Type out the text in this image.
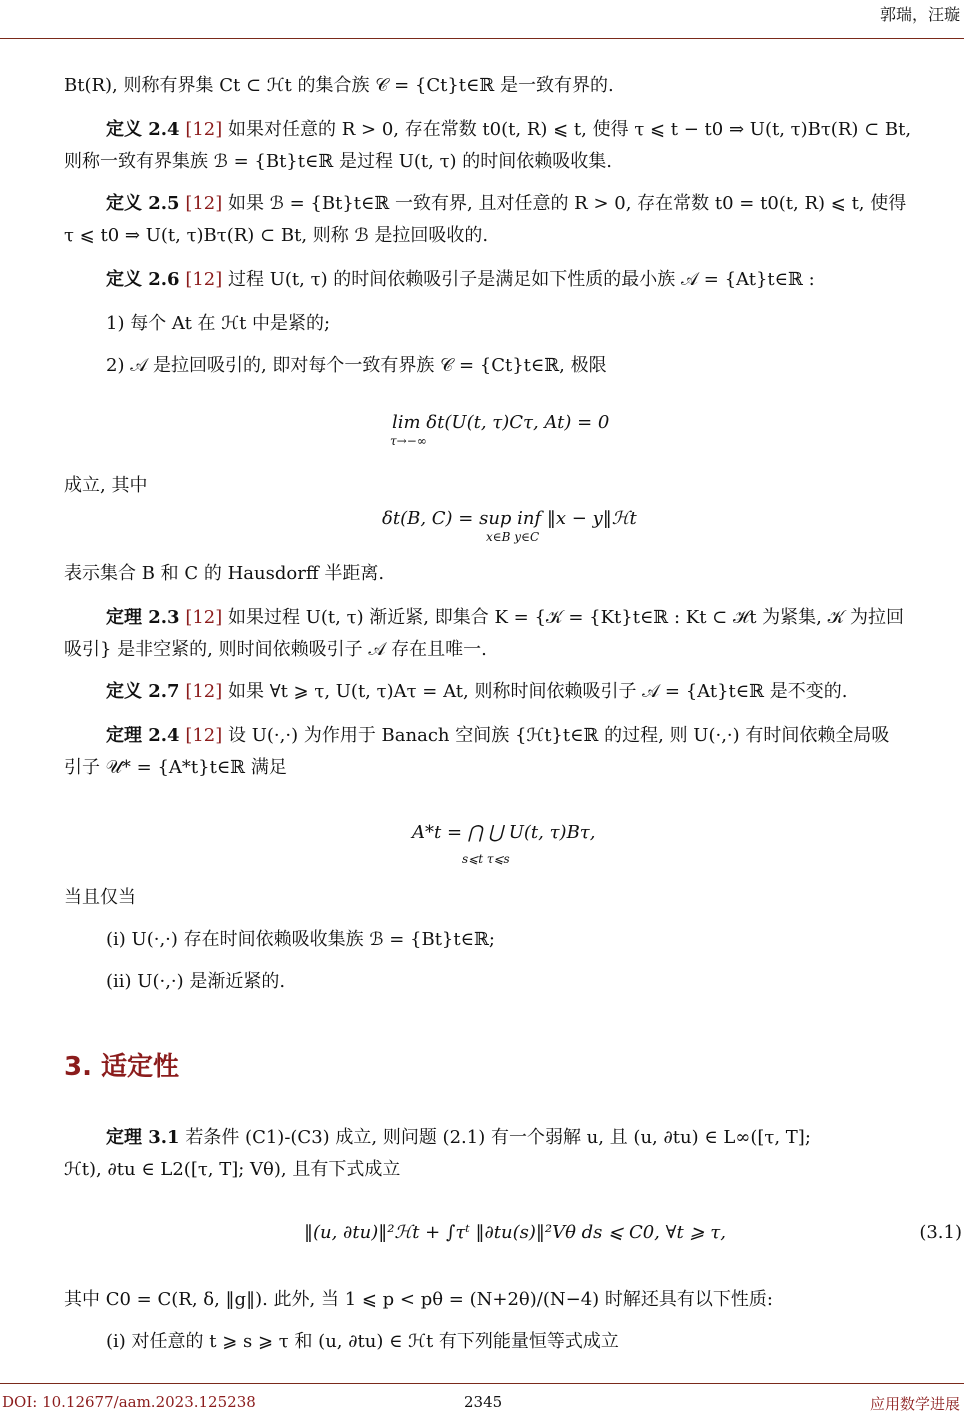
郭瑞，汪璇
Bt(R), 则称有界集 Ct ⊂ ℋt 的集合族 𝒞 = {Ct}t∈ℝ 是一致有界的.
定义 2.4 [12] 如果对任意的 R > 0, 存在常数 t0(t, R) ⩽ t, 使得 τ ⩽ t − t0 ⇒ U(t, τ)Bτ(R) ⊂ Bt,
则称一致有界集族 ℬ = {Bt}t∈ℝ 是过程 U(t, τ) 的时间依赖吸收集.
定义 2.5 [12] 如果 ℬ = {Bt}t∈ℝ 一致有界, 且对任意的 R > 0, 存在常数 t0 = t0(t, R) ⩽ t, 使得
τ ⩽ t0 ⇒ U(t, τ)Bτ(R) ⊂ Bt, 则称 ℬ 是拉回吸收的.
定义 2.6 [12] 过程 U(t, τ) 的时间依赖吸引子是满足如下性质的最小族 𝒜 = {At}t∈ℝ :
1) 每个 At 在 ℋt 中是紧的;
2) 𝒜 是拉回吸引的, 即对每个一致有界族 𝒞 = {Ct}t∈ℝ, 极限
lim δt(U(t, τ)Cτ, At) = 0
τ→−∞
成立, 其中
δt(B, C) = sup inf ‖x − y‖ℋt
x∈B y∈C
表示集合 B 和 C 的 Hausdorff 半距离.
定理 2.3 [12] 如果过程 U(t, τ) 渐近紧, 即集合 K = {𝒦 = {Kt}t∈ℝ : Kt ⊂ ℋt 为紧集, 𝒦 为拉回
吸引} 是非空紧的, 则时间依赖吸引子 𝒜 存在且唯一.
定义 2.7 [12] 如果 ∀t ⩾ τ, U(t, τ)Aτ = At, 则称时间依赖吸引子 𝒜 = {At}t∈ℝ 是不变的.
定理 2.4 [12] 设 U(·,·) 为作用于 Banach 空间族 {ℋt}t∈ℝ 的过程, 则 U(·,·) 有时间依赖全局吸
引子 𝒰* = {A*t}t∈ℝ 满足
A*t = ⋂ ⋃ U(t, τ)Bτ,
s⩽t τ⩽s
当且仅当
(i) U(·,·) 存在时间依赖吸收集族 ℬ = {Bt}t∈ℝ;
(ii) U(·,·) 是渐近紧的.
3. 适定性
定理 3.1 若条件 (C1)-(C3) 成立, 则问题 (2.1) 有一个弱解 u, 且 (u, ∂tu) ∈ L∞([τ, T];
ℋt), ∂tu ∈ L2([τ, T]; Vθ), 且有下式成立
‖(u, ∂tu)‖²ℋt + ∫τᵗ ‖∂tu(s)‖²Vθ ds ⩽ C0, ∀t ⩾ τ,	(3.1)
其中 C0 = C(R, δ, ‖g‖). 此外, 当 1 ⩽ p < pθ = (N+2θ)/(N−4) 时解还具有以下性质:
(i) 对任意的 t ⩾ s ⩾ τ 和 (u, ∂tu) ∈ ℋt 有下列能量恒等式成立
DOI: 10.12677/aam.2023.125238	2345	应用数学进展
